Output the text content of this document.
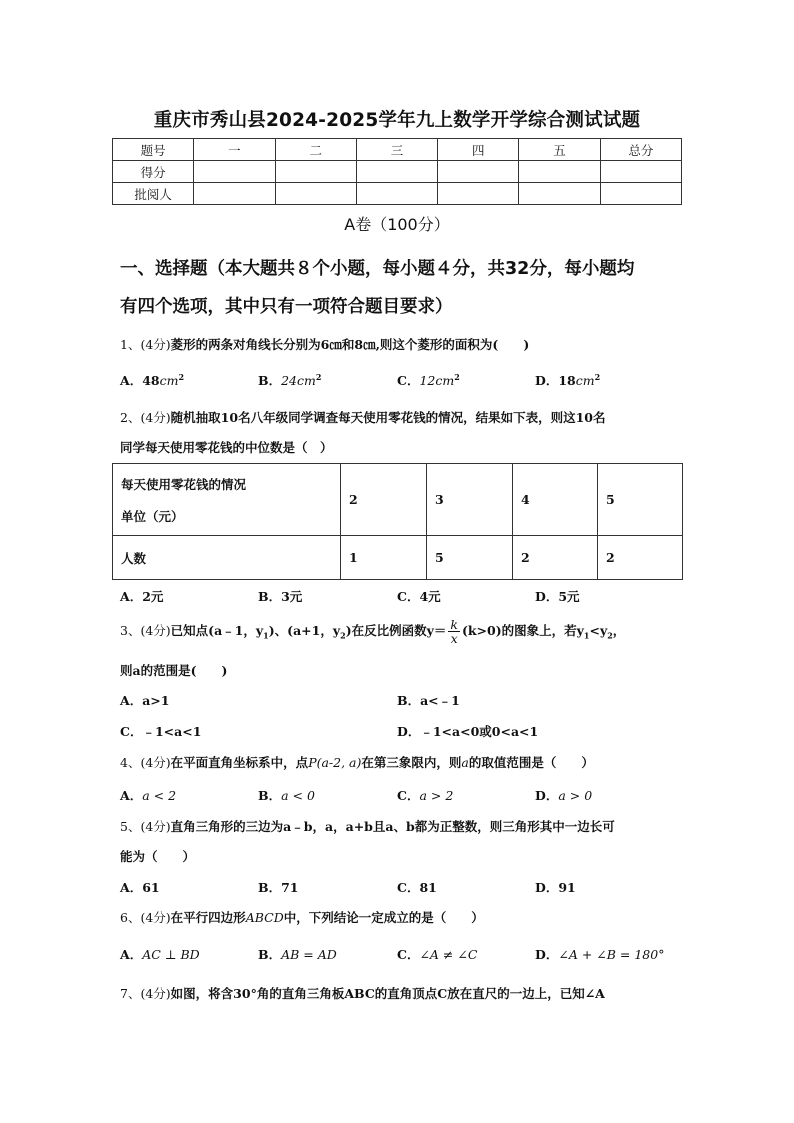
重庆市秀山县2024-2025学年九上数学开学综合测试试题
题号	一	二	三	四	五	总分
得分						
批阅人						
A卷（100分）
一、选择题（本大题共８个小题，每小题４分，共32分，每小题均
有四个选项，其中只有一项符合题目要求）
1、(4分)菱形的两条对角线长分别为6㎝和8㎝,则这个菱形的面积为(　　)
A．$48cm^2$	B．$24cm^2$	C．$12cm^2$	D．$18cm^2$
2、(4分)随机抽取10名八年级同学调查每天使用零花钱的情况，结果如下表，则这10名
同学每天使用零花钱的中位数是（　）
每天使用零花钱的情况
单位（元）	2	3	4	5
人数	1	5	2	2
A．2元	B．3元	C．4元	D．5元
3、(4分)已知点(a﹣1，$y_1$)、(a+1，$y_2$)在反比例函数$y= \frac{k}{x} (k>0)$的图象上，若$y_1<y_2$，
则a的范围是(　　)
A．a>1	B．a<﹣1
C．﹣1<a<1	D．﹣1<a<0或0<a<1
4、(4分)在平面直角坐标系中，点P(a-2, a)在第三象限内，则a的取值范围是（　　）
A．a < 2	B．a < 0	C．a > 2	D．a > 0
5、(4分)直角三角形的三边为a﹣b，a，a+b且a、b都为正整数，则三角形其中一边长可
能为（　　）
A．61	B．71	C．81	D．91
6、(4分)在平行四边形ABCD中，下列结论一定成立的是（　　）
A．AC ⊥ BD	B．AB = AD	C．∠A ≠ ∠C	D．∠A + ∠B = 180°
7、(4分)如图，将含30°角的直角三角板ABC的直角顶点C放在直尺的一边上，已知∠A
